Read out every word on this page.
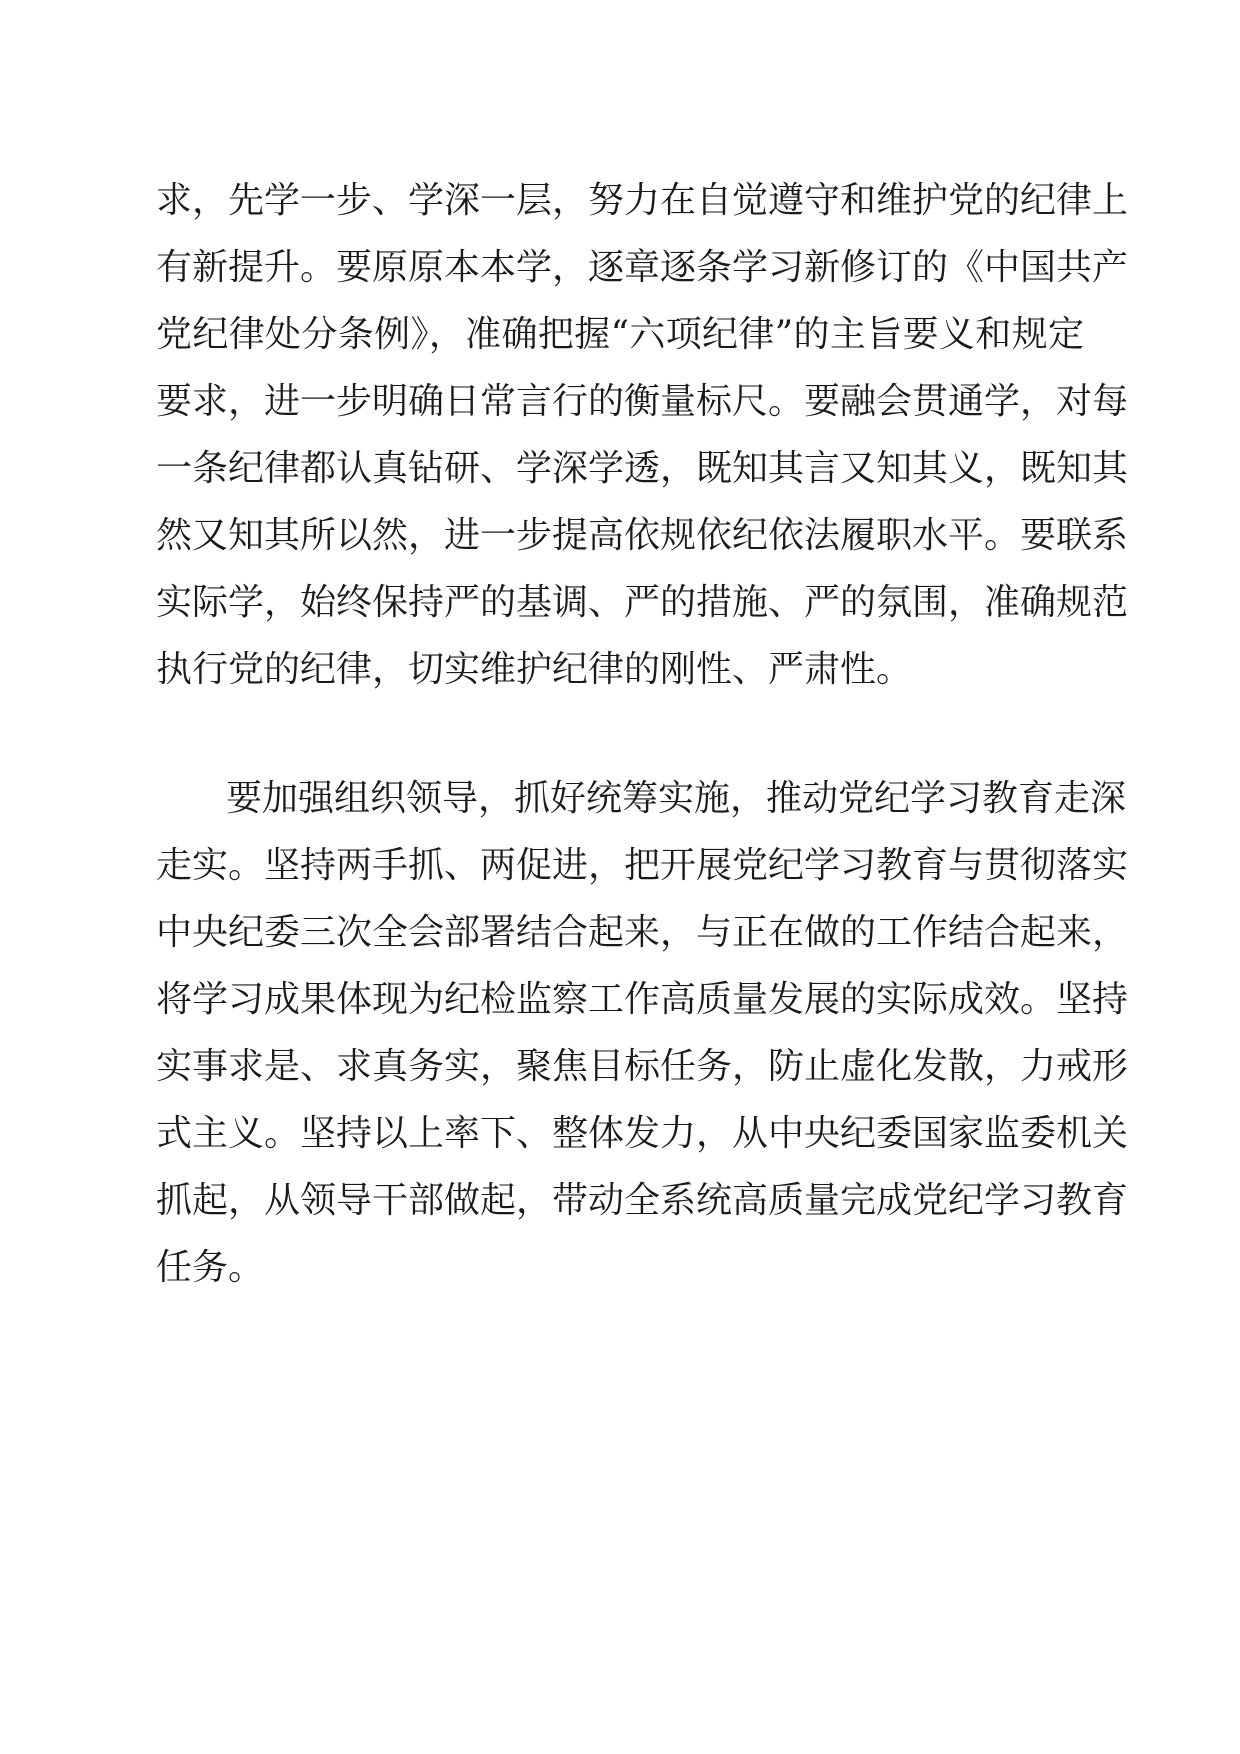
求，先学一步、学深一层，努力在自觉遵守和维护党的纪律上
有新提升。要原原本本学，逐章逐条学习新修订的《中国共产
党纪律处分条例》，准确把握“六项纪律”的主旨要义和规定
要求，进一步明确日常言行的衡量标尺。要融会贯通学，对每
一条纪律都认真钻研、学深学透，既知其言又知其义，既知其
然又知其所以然，进一步提高依规依纪依法履职水平。要联系
实际学，始终保持严的基调、严的措施、严的氛围，准确规范
执行党的纪律，切实维护纪律的刚性、严肃性。
要加强组织领导，抓好统筹实施，推动党纪学习教育走深
走实。坚持两手抓、两促进，把开展党纪学习教育与贯彻落实
中央纪委三次全会部署结合起来，与正在做的工作结合起来，
将学习成果体现为纪检监察工作高质量发展的实际成效。坚持
实事求是、求真务实，聚焦目标任务，防止虚化发散，力戒形
式主义。坚持以上率下、整体发力，从中央纪委国家监委机关
抓起，从领导干部做起，带动全系统高质量完成党纪学习教育
任务。
